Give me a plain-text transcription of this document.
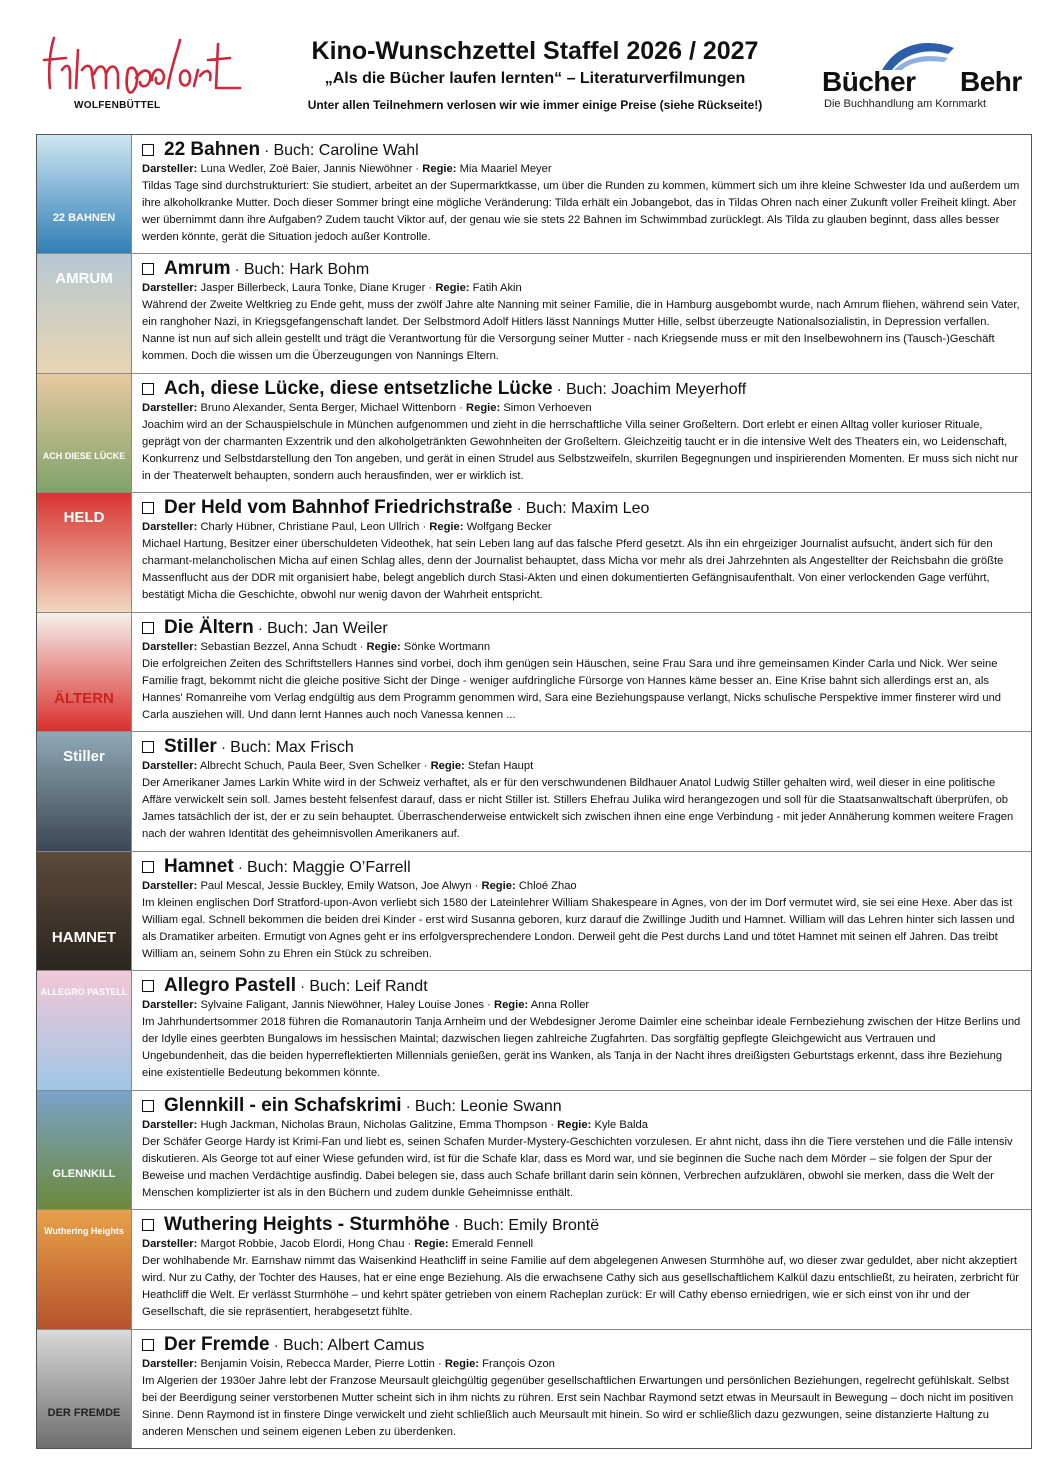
WOLFENBÜTTEL
Kino-Wunschzettel Staffel 2026 / 2027
„Als die Bücher laufen lernten“ – Literaturverfilmungen
Unter allen Teilnehmern verlosen wir wie immer einige Preise (siehe Rückseite!)
Bücher Behr
Die Buchhandlung am Kornmarkt
22 BAHNEN
22 Bahnen · Buch: Caroline Wahl
Darsteller: Luna Wedler, Zoë Baier, Jannis Niewöhner · Regie: Mia Maariel Meyer
Tildas Tage sind durchstrukturiert: Sie studiert, arbeitet an der Supermarktkasse, um über die Runden zu kommen, kümmert sich um ihre kleine Schwester Ida und außerdem um ihre alkoholkranke Mutter. Doch dieser Sommer bringt eine mögliche Veränderung: Tilda erhält ein Jobangebot, das in Tildas Ohren nach einer Zukunft voller Freiheit klingt. Aber wer übernimmt dann ihre Aufgaben? Zudem taucht Viktor auf, der genau wie sie stets 22 Bahnen im Schwimmbad zurücklegt. Als Tilda zu glauben beginnt, dass alles besser werden könnte, gerät die Situation jedoch außer Kontrolle.
AMRUM	Amrum · Buch: Hark Bohm
Darsteller: Jasper Billerbeck, Laura Tonke, Diane Kruger · Regie: Fatih Akin
Während der Zweite Weltkrieg zu Ende geht, muss der zwölf Jahre alte Nanning mit seiner Familie, die in Hamburg ausgebombt wurde, nach Amrum fliehen, während sein Vater, ein ranghoher Nazi, in Kriegsgefangenschaft landet. Der Selbstmord Adolf Hitlers lässt Nannings Mutter Hille, selbst überzeugte Nationalsozialistin, in Depression verfallen. Nanne ist nun auf sich allein gestellt und trägt die Verantwortung für die Versorgung seiner Mutter - nach Kriegsende muss er mit den Inselbewohnern ins (Tausch-)Geschäft kommen. Doch die wissen um die Überzeugungen von Nannings Eltern.
ACH DIESE LÜCKE
Ach, diese Lücke, diese entsetzliche Lücke · Buch: Joachim Meyerhoff
Darsteller: Bruno Alexander, Senta Berger, Michael Wittenborn · Regie: Simon Verhoeven
Joachim wird an der Schauspielschule in München aufgenommen und zieht in die herrschaftliche Villa seiner Großeltern. Dort erlebt er einen Alltag voller kurioser Rituale, geprägt von der charmanten Exzentrik und den alkoholgetränkten Gewohnheiten der Großeltern. Gleichzeitig taucht er in die intensive Welt des Theaters ein, wo Leidenschaft, Konkurrenz und Selbstdarstellung den Ton angeben, und gerät in einen Strudel aus Selbstzweifeln, skurrilen Begegnungen und inspirierenden Momenten. Er muss sich nicht nur in der Theaterwelt behaupten, sondern auch herausfinden, wer er wirklich ist.
HELD	Der Held vom Bahnhof Friedrichstraße · Buch: Maxim Leo
Darsteller: Charly Hübner, Christiane Paul, Leon Ullrich · Regie: Wolfgang Becker
Michael Hartung, Besitzer einer überschuldeten Videothek, hat sein Leben lang auf das falsche Pferd gesetzt. Als ihn ein ehrgeiziger Journalist aufsucht, ändert sich für den charmant-melancholischen Micha auf einen Schlag alles, denn der Journalist behauptet, dass Micha vor mehr als drei Jahrzehnten als Angestellter der Reichsbahn die größte Massenflucht aus der DDR mit organisiert habe, belegt angeblich durch Stasi-Akten und einen dokumentierten Gefängnisaufenthalt. Von einer verlockenden Gage verführt, bestätigt Micha die Geschichte, obwohl nur wenig davon der Wahrheit entspricht.
ÄLTERN
Die Ältern · Buch: Jan Weiler
Darsteller: Sebastian Bezzel, Anna Schudt · Regie: Sönke Wortmann
Die erfolgreichen Zeiten des Schriftstellers Hannes sind vorbei, doch ihm genügen sein Häuschen, seine Frau Sara und ihre gemeinsamen Kinder Carla und Nick. Wer seine Familie fragt, bekommt nicht die gleiche positive Sicht der Dinge - weniger aufdringliche Fürsorge von Hannes käme besser an. Eine Krise bahnt sich allerdings erst an, als Hannes' Romanreihe vom Verlag endgültig aus dem Programm genommen wird, Sara eine Beziehungspause verlangt, Nicks schulische Perspektive immer finsterer wird und Carla ausziehen will. Und dann lernt Hannes auch noch Vanessa kennen ...
Stiller	Stiller · Buch: Max Frisch
Darsteller: Albrecht Schuch, Paula Beer, Sven Schelker · Regie: Stefan Haupt
Der Amerikaner James Larkin White wird in der Schweiz verhaftet, als er für den verschwundenen Bildhauer Anatol Ludwig Stiller gehalten wird, weil dieser in eine politische Affäre verwickelt sein soll. James besteht felsenfest darauf, dass er nicht Stiller ist. Stillers Ehefrau Julika wird herangezogen und soll für die Staatsanwaltschaft überprüfen, ob James tatsächlich der ist, der er zu sein behauptet. Überraschenderweise entwickelt sich zwischen ihnen eine enge Verbindung - mit jeder Annäherung kommen weitere Fragen nach der wahren Identität des geheimnisvollen Amerikaners auf.
HAMNET
Hamnet · Buch: Maggie O’Farrell
Darsteller: Paul Mescal, Jessie Buckley, Emily Watson, Joe Alwyn · Regie: Chloé Zhao
Im kleinen englischen Dorf Stratford-upon-Avon verliebt sich 1580 der Lateinlehrer William Shakespeare in Agnes, von der im Dorf vermutet wird, sie sei eine Hexe. Aber das ist William egal. Schnell bekommen die beiden drei Kinder - erst wird Susanna geboren, kurz darauf die Zwillinge Judith und Hamnet. William will das Lehren hinter sich lassen und als Dramatiker arbeiten. Ermutigt von Agnes geht er ins erfolgversprechendere London. Derweil geht die Pest durchs Land und tötet Hamnet mit seinen elf Jahren. Das treibt William an, seinem Sohn zu Ehren ein Stück zu schreiben.
ALLEGRO PASTELL	Allegro Pastell · Buch: Leif Randt
Darsteller: Sylvaine Faligant, Jannis Niewöhner, Haley Louise Jones · Regie: Anna Roller
Im Jahrhundertsommer 2018 führen die Romanautorin Tanja Arnheim und der Webdesigner Jerome Daimler eine scheinbar ideale Fernbeziehung zwischen der Hitze Berlins und der Idylle eines geerbten Bungalows im hessischen Maintal; dazwischen liegen zahlreiche Zugfahrten. Das sorgfältig gepflegte Gleichgewicht aus Vertrauen und Ungebundenheit, das die beiden hyperreflektierten Millennials genießen, gerät ins Wanken, als Tanja in der Nacht ihres dreißigsten Geburtstags erkennt, dass ihre Beziehung eine existentielle Bedeutung bekommen könnte.
GLENNKILL
Glennkill - ein Schafskrimi · Buch: Leonie Swann
Darsteller: Hugh Jackman, Nicholas Braun, Nicholas Galitzine, Emma Thompson · Regie: Kyle Balda
Der Schäfer George Hardy ist Krimi-Fan und liebt es, seinen Schafen Murder-Mystery-Geschichten vorzulesen. Er ahnt nicht, dass ihn die Tiere verstehen und die Fälle intensiv diskutieren. Als George tot auf einer Wiese gefunden wird, ist für die Schafe klar, dass es Mord war, und sie beginnen die Suche nach dem Mörder – sie folgen der Spur der Beweise und machen Verdächtige ausfindig. Dabei belegen sie, dass auch Schafe brillant darin sein können, Verbrechen aufzuklären, obwohl sie merken, dass die Welt der Menschen komplizierter ist als in den Büchern und zudem dunkle Geheimnisse enthält.
Wuthering Heights	Wuthering Heights - Sturmhöhe · Buch: Emily Brontë
Darsteller: Margot Robbie, Jacob Elordi, Hong Chau · Regie: Emerald Fennell
Der wohlhabende Mr. Earnshaw nimmt das Waisenkind Heathcliff in seine Familie auf dem abgelegenen Anwesen Sturmhöhe auf, wo dieser zwar geduldet, aber nicht akzeptiert wird. Nur zu Cathy, der Tochter des Hauses, hat er eine enge Beziehung. Als die erwachsene Cathy sich aus gesellschaftlichem Kalkül dazu entschließt, zu heiraten, zerbricht für Heathcliff die Welt. Er verlässt Sturmhöhe – und kehrt später getrieben von einem Racheplan zurück: Er will Cathy ebenso erniedrigen, wie er sich einst von ihr und der Gesellschaft, die sie repräsentiert, herabgesetzt fühlte.
DER FREMDE
Der Fremde · Buch: Albert Camus
Darsteller: Benjamin Voisin, Rebecca Marder, Pierre Lottin · Regie: François Ozon
Im Algerien der 1930er Jahre lebt der Franzose Meursault gleichgültig gegenüber gesellschaftlichen Erwartungen und persönlichen Beziehungen, regelrecht gefühlskalt. Selbst bei der Beerdigung seiner verstorbenen Mutter scheint sich in ihm nichts zu rühren. Erst sein Nachbar Raymond setzt etwas in Meursault in Bewegung – doch nicht im positiven Sinne. Denn Raymond ist in finstere Dinge verwickelt und zieht schließlich auch Meursault mit hinein. So wird er schließlich dazu gezwungen, seine distanzierte Haltung zu anderen Menschen und seinem eigenen Leben zu überdenken.
